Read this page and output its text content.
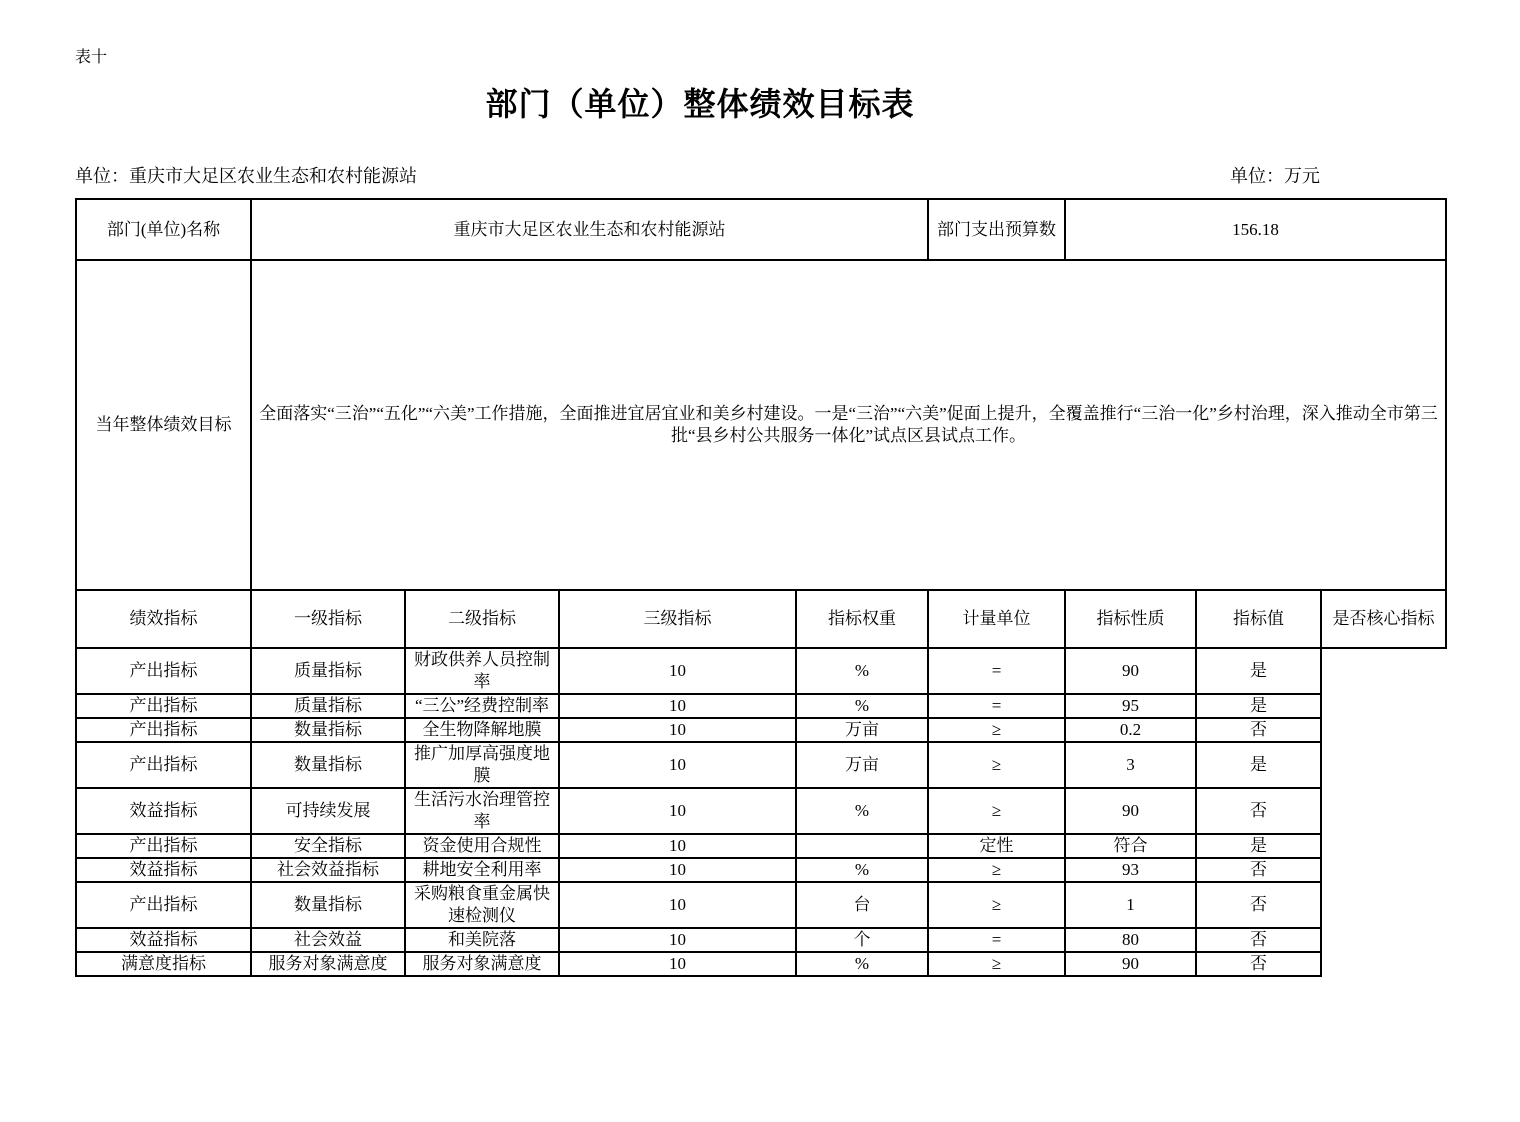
表十
部门（单位）整体绩效目标表
单位：重庆市大足区农业生态和农村能源站	单位：万元
部门(单位)名称	重庆市大足区农业生态和农村能源站				部门支出预算数	156.18		
当年整体绩效目标	全面落实“三治”“五化”“六美”工作措施，全面推进宜居宜业和美乡村建设。一是“三治”“六美”促面上提升，全覆盖推行“三治一化”乡村治理，深入推动全市第三批“县乡村公共服务一体化”试点区县试点工作。							
绩效指标	一级指标	二级指标	三级指标	指标权重	计量单位	指标性质	指标值	是否核心指标
产出指标	质量指标	财政供养人员控制率	10	%	=	90	是	
产出指标	质量指标	“三公”经费控制率	10	%	=	95	是	
产出指标	数量指标	全生物降解地膜	10	万亩	≥	0.2	否	
产出指标	数量指标	推广加厚高强度地膜	10	万亩	≥	3	是	
效益指标	可持续发展	生活污水治理管控率	10	%	≥	90	否	
产出指标	安全指标	资金使用合规性	10		定性	符合	是	
效益指标	社会效益指标	耕地安全利用率	10	%	≥	93	否	
产出指标	数量指标	采购粮食重金属快速检测仪	10	台	≥	1	否	
效益指标	社会效益	和美院落	10	个	=	80	否	
满意度指标	服务对象满意度	服务对象满意度	10	%	≥	90	否	
